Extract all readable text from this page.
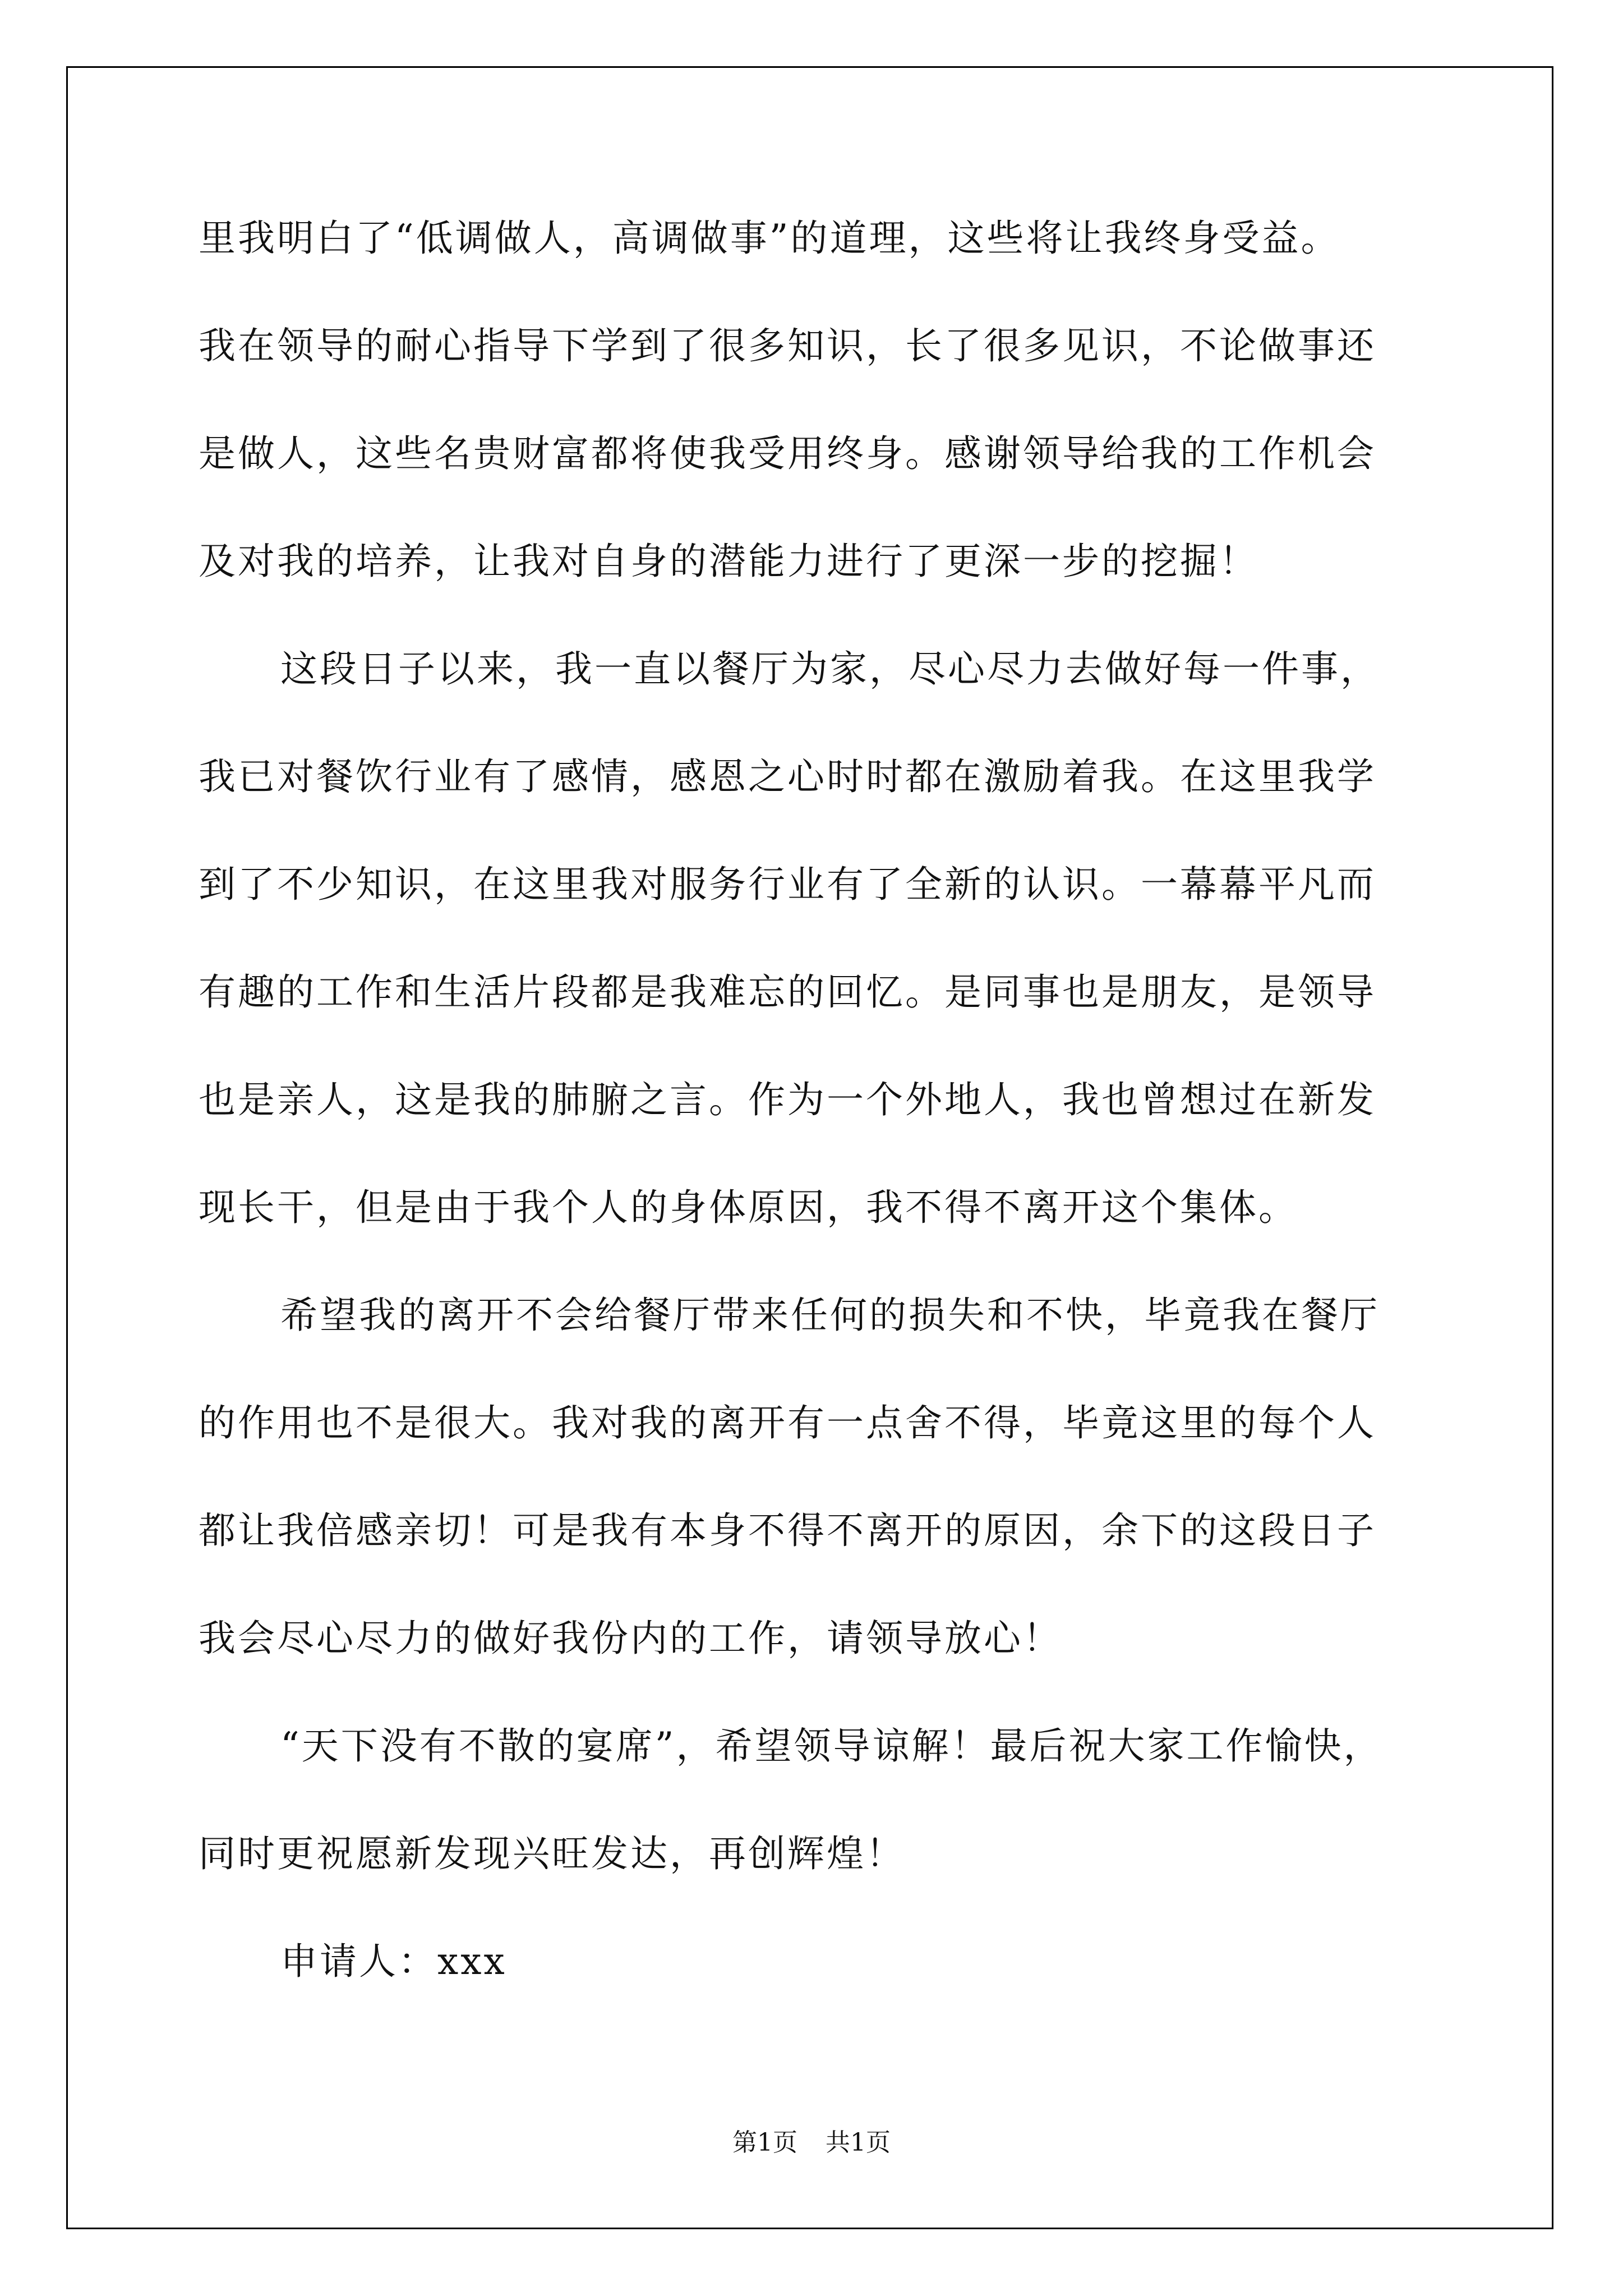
里我明白了“低调做人，高调做事”的道理，这些将让我终身受益。
我在领导的耐心指导下学到了很多知识，长了很多见识，不论做事还
是做人，这些名贵财富都将使我受用终身。感谢领导给我的工作机会
及对我的培养，让我对自身的潜能力进行了更深一步的挖掘！
这段日子以来，我一直以餐厅为家，尽心尽力去做好每一件事，
我已对餐饮行业有了感情，感恩之心时时都在激励着我。在这里我学
到了不少知识，在这里我对服务行业有了全新的认识。一幕幕平凡而
有趣的工作和生活片段都是我难忘的回忆。是同事也是朋友，是领导
也是亲人，这是我的肺腑之言。作为一个外地人，我也曾想过在新发
现长干，但是由于我个人的身体原因，我不得不离开这个集体。
希望我的离开不会给餐厅带来任何的损失和不快，毕竟我在餐厅
的作用也不是很大。我对我的离开有一点舍不得，毕竟这里的每个人
都让我倍感亲切！可是我有本身不得不离开的原因，余下的这段日子
我会尽心尽力的做好我份内的工作，请领导放心！
“天下没有不散的宴席”，希望领导谅解！最后祝大家工作愉快，
同时更祝愿新发现兴旺发达，再创辉煌！
申请人：xxx
第1页 共1页
